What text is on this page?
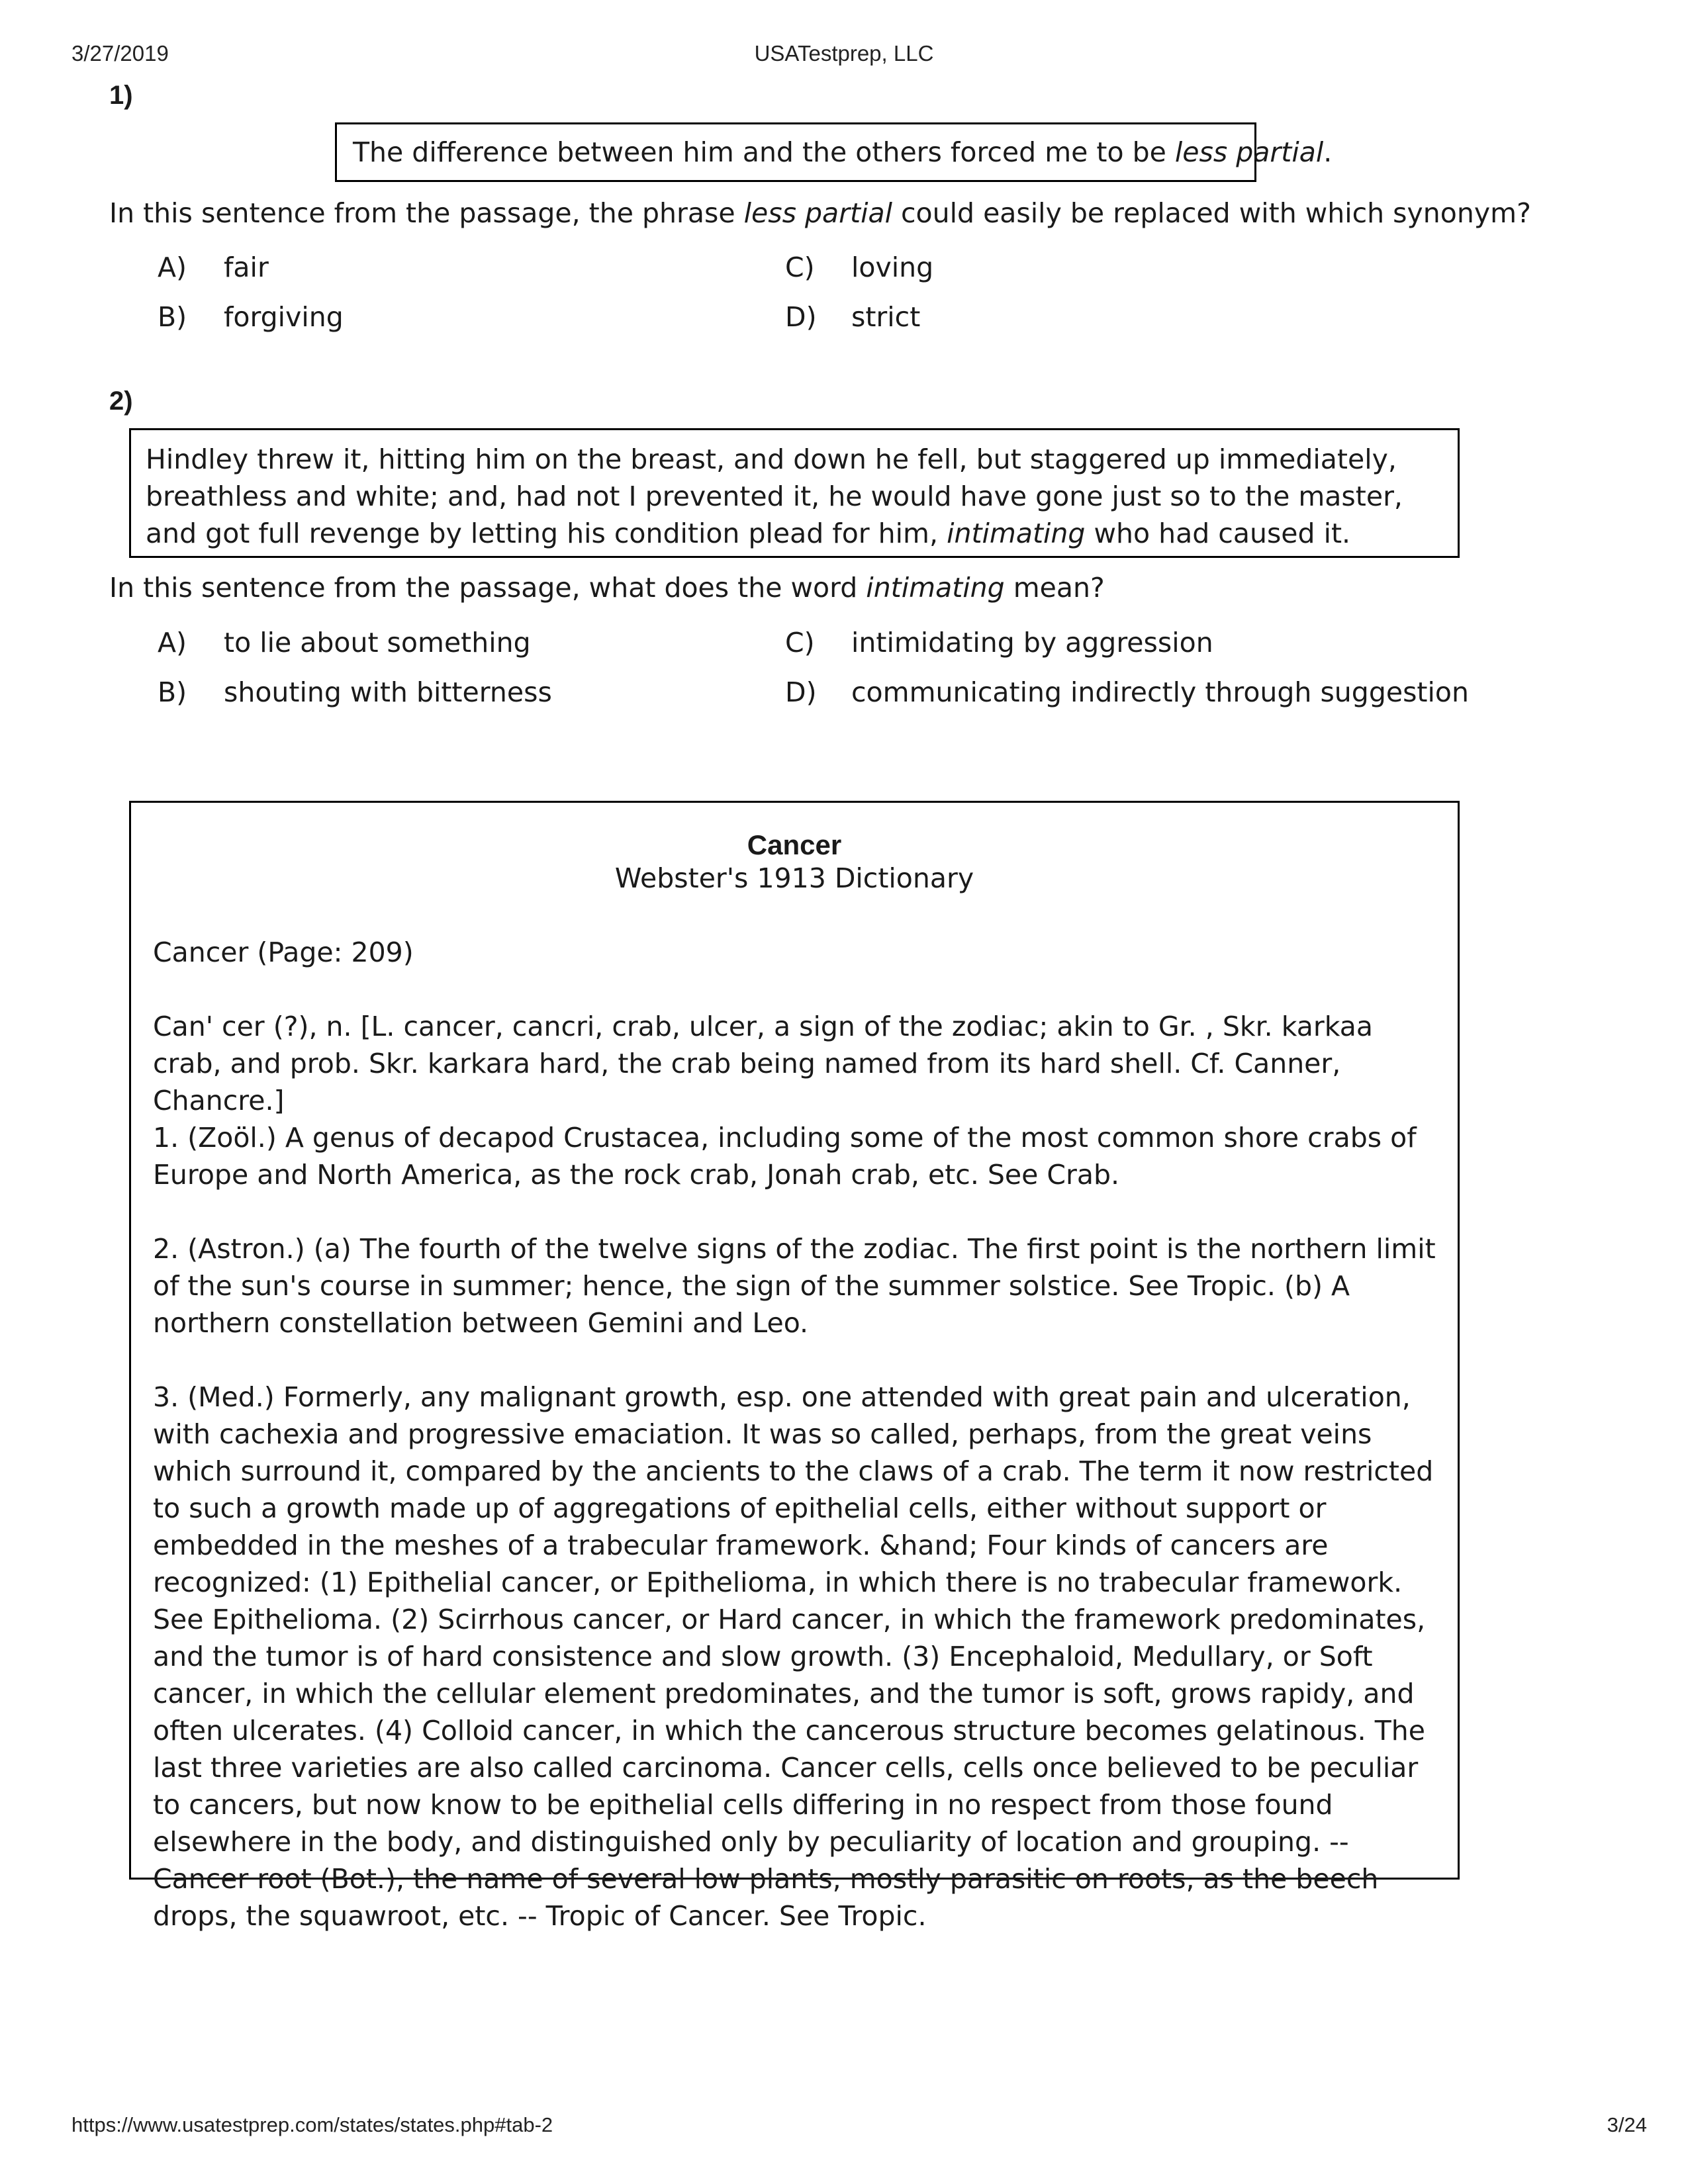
3/27/2019	USATestprep, LLC
1)
The difference between him and the others forced me to be less partial.
In this sentence from the passage, the phrase less partial could easily be replaced with which synonym?
A) fair
B) forgiving
C) loving
D) strict
2)
Hindley threw it, hitting him on the breast, and down he fell, but staggered up immediately, breathless and white; and, had not I prevented it, he would have gone just so to the master, and got full revenge by letting his condition plead for him, intimating who had caused it.
In this sentence from the passage, what does the word intimating mean?
A) to lie about something
B) shouting with bitterness
C) intimidating by aggression
D) communicating indirectly through suggestion
Cancer
Webster's 1913 Dictionary

Cancer (Page: 209)

Can' cer (?), n. [L. cancer, cancri, crab, ulcer, a sign of the zodiac; akin to Gr. , Skr. karkaa crab, and prob. Skr. karkara hard, the crab being named from its hard shell. Cf. Canner, Chancre.]

1. (Zoöl.) A genus of decapod Crustacea, including some of the most common shore crabs of Europe and North America, as the rock crab, Jonah crab, etc. See Crab.

2. (Astron.) (a) The fourth of the twelve signs of the zodiac. The first point is the northern limit of the sun's course in summer; hence, the sign of the summer solstice. See Tropic. (b) A northern constellation between Gemini and Leo.

3. (Med.) Formerly, any malignant growth, esp. one attended with great pain and ulceration, with cachexia and progressive emaciation. It was so called, perhaps, from the great veins which surround it, compared by the ancients to the claws of a crab. The term it now restricted to such a growth made up of aggregations of epithelial cells, either without support or embedded in the meshes of a trabecular framework. &hand; Four kinds of cancers are recognized: (1) Epithelial cancer, or Epithelioma, in which there is no trabecular framework. See Epithelioma. (2) Scirrhous cancer, or Hard cancer, in which the framework predominates, and the tumor is of hard consistence and slow growth. (3) Encephaloid, Medullary, or Soft cancer, in which the cellular element predominates, and the tumor is soft, grows rapidy, and often ulcerates. (4) Colloid cancer, in which the cancerous structure becomes gelatinous. The last three varieties are also called carcinoma. Cancer cells, cells once believed to be peculiar to cancers, but now know to be epithelial cells differing in no respect from those found elsewhere in the body, and distinguished only by peculiarity of location and grouping. -- Cancer root (Bot.), the name of several low plants, mostly parasitic on roots, as the beech drops, the squawroot, etc. -- Tropic of Cancer. See Tropic.

https://www.usatestprep.com/states/states.php#tab-2	3/24
